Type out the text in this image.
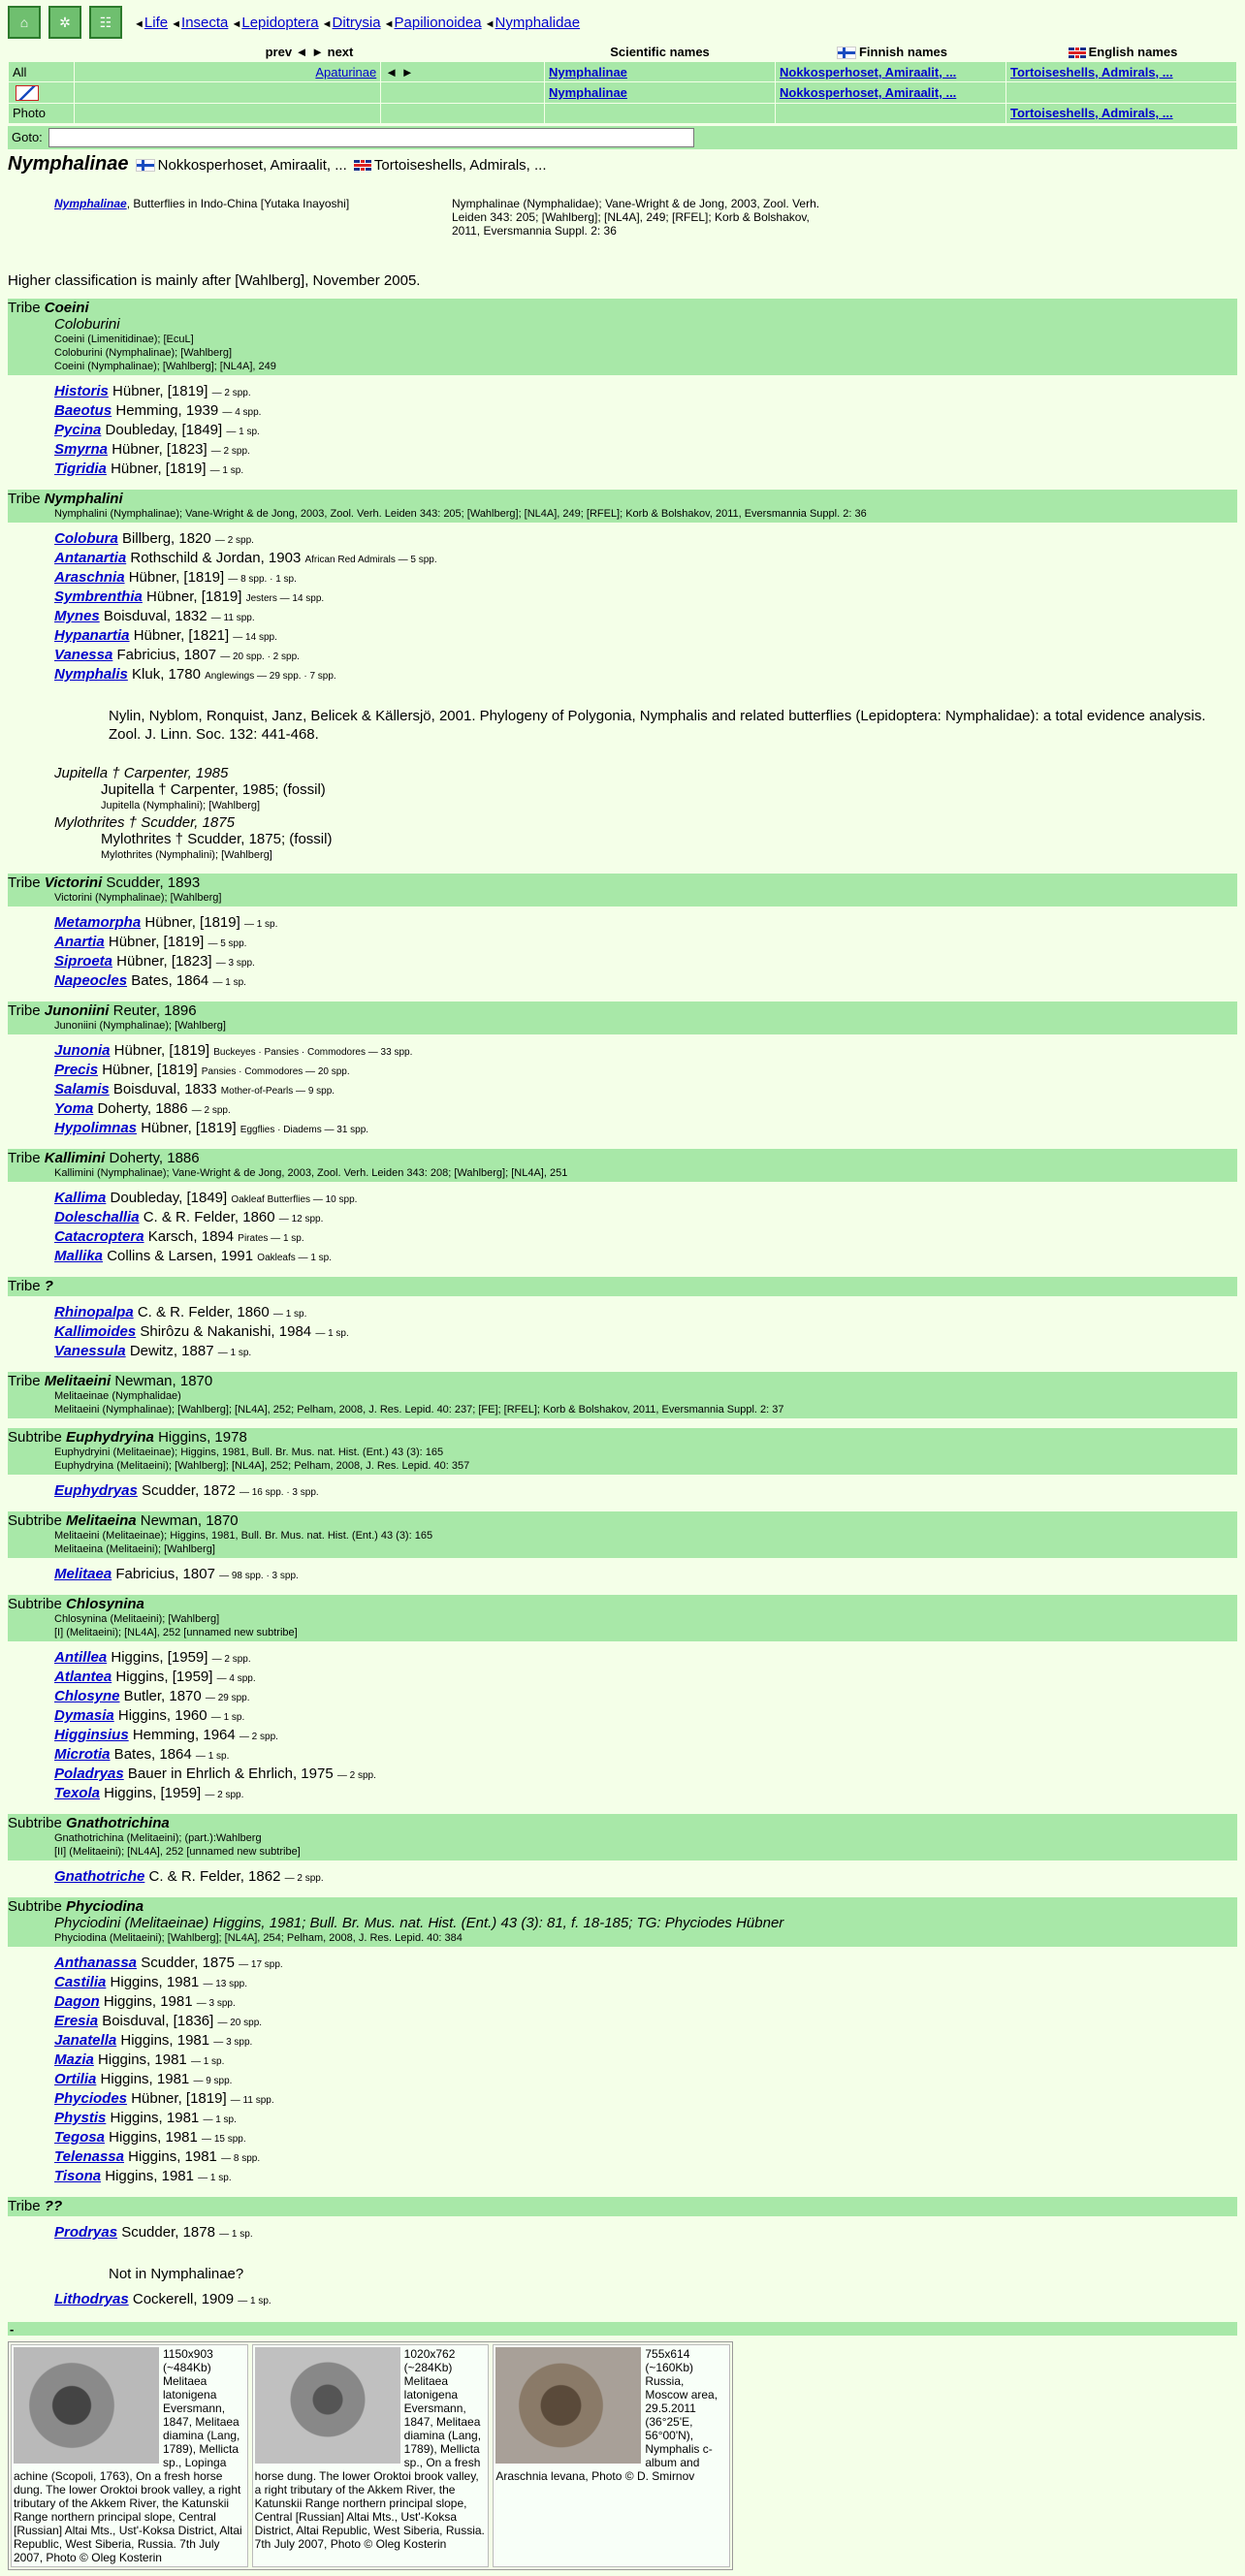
⌂	✲	☷	◄Life ◄Insecta ◄Lepidoptera ◄Ditrysia ◄Papilionoidea ◄Nymphalidae
	prev ◄ ► next		Scientific names	Finnish names	English names
All	Apaturinae	◄ ►	Nymphalinae	Nokkosperhoset, Amiraalit, ...	Tortoiseshells, Admirals, ...
			Nymphalinae	Nokkosperhoset, Amiraalit, ...	
Photo					Tortoiseshells, Admirals, ...
Goto:
Nymphalinae Nokkosperhoset, Amiraalit, ... Tortoiseshells, Admirals, ...
Nymphalinae, Butterflies in Indo-China [Yutaka Inayoshi]	Nymphalinae (Nymphalidae); Vane-Wright & de Jong, 2003, Zool. Verh. Leiden 343: 205; [Wahlberg]; [NL4A], 249; [RFEL]; Korb & Bolshakov, 2011, Eversmannia Suppl. 2: 36
Higher classification is mainly after [Wahlberg], November 2005.
Tribe Coeini
Coloburini
Coeini (Limenitidinae); [EcuL]
Coloburini (Nymphalinae); [Wahlberg]
Coeini (Nymphalinae); [Wahlberg]; [NL4A], 249
Historis Hübner, [1819] — 2 spp.
Baeotus Hemming, 1939 — 4 spp.
Pycina Doubleday, [1849] — 1 sp.
Smyrna Hübner, [1823] — 2 spp.
Tigridia Hübner, [1819] — 1 sp.
Tribe Nymphalini
Nymphalini (Nymphalinae); Vane-Wright & de Jong, 2003, Zool. Verh. Leiden 343: 205; [Wahlberg]; [NL4A], 249; [RFEL]; Korb & Bolshakov, 2011, Eversmannia Suppl. 2: 36
Colobura Billberg, 1820 — 2 spp.
Antanartia Rothschild & Jordan, 1903 African Red Admirals — 5 spp.
Araschnia Hübner, [1819] — 8 spp. · 1 sp.
Symbrenthia Hübner, [1819] Jesters — 14 spp.
Mynes Boisduval, 1832 — 11 spp.
Hypanartia Hübner, [1821] — 14 spp.
Vanessa Fabricius, 1807 — 20 spp. · 2 spp.
Nymphalis Kluk, 1780 Anglewings — 29 spp. · 7 spp.
Nylin, Nyblom, Ronquist, Janz, Belicek & Källersjö, 2001. Phylogeny of Polygonia, Nymphalis and related butterflies (Lepidoptera: Nymphalidae): a total evidence analysis. Zool. J. Linn. Soc. 132: 441-468.
Jupitella † Carpenter, 1985
Jupitella † Carpenter, 1985; (fossil)
Jupitella (Nymphalini); [Wahlberg]
Mylothrites † Scudder, 1875
Mylothrites † Scudder, 1875; (fossil)
Mylothrites (Nymphalini); [Wahlberg]
Tribe Victorini Scudder, 1893
Victorini (Nymphalinae); [Wahlberg]
Metamorpha Hübner, [1819] — 1 sp.
Anartia Hübner, [1819] — 5 spp.
Siproeta Hübner, [1823] — 3 spp.
Napeocles Bates, 1864 — 1 sp.
Tribe Junoniini Reuter, 1896
Junoniini (Nymphalinae); [Wahlberg]
Junonia Hübner, [1819] Buckeyes · Pansies · Commodores — 33 spp.
Precis Hübner, [1819] Pansies · Commodores — 20 spp.
Salamis Boisduval, 1833 Mother-of-Pearls — 9 spp.
Yoma Doherty, 1886 — 2 spp.
Hypolimnas Hübner, [1819] Eggflies · Diadems — 31 spp.
Tribe Kallimini Doherty, 1886
Kallimini (Nymphalinae); Vane-Wright & de Jong, 2003, Zool. Verh. Leiden 343: 208; [Wahlberg]; [NL4A], 251
Kallima Doubleday, [1849] Oakleaf Butterflies — 10 spp.
Doleschallia C. & R. Felder, 1860 — 12 spp.
Catacroptera Karsch, 1894 Pirates — 1 sp.
Mallika Collins & Larsen, 1991 Oakleafs — 1 sp.
Tribe ?
Rhinopalpa C. & R. Felder, 1860 — 1 sp.
Kallimoides Shirôzu & Nakanishi, 1984 — 1 sp.
Vanessula Dewitz, 1887 — 1 sp.
Tribe Melitaeini Newman, 1870
Melitaeinae (Nymphalidae)
Melitaeini (Nymphalinae); [Wahlberg]; [NL4A], 252; Pelham, 2008, J. Res. Lepid. 40: 237; [FE]; [RFEL]; Korb & Bolshakov, 2011, Eversmannia Suppl. 2: 37
Subtribe Euphydryina Higgins, 1978
Euphydryini (Melitaeinae); Higgins, 1981, Bull. Br. Mus. nat. Hist. (Ent.) 43 (3): 165
Euphydryina (Melitaeini); [Wahlberg]; [NL4A], 252; Pelham, 2008, J. Res. Lepid. 40: 357
Euphydryas Scudder, 1872 — 16 spp. · 3 spp.
Subtribe Melitaeina Newman, 1870
Melitaeini (Melitaeinae); Higgins, 1981, Bull. Br. Mus. nat. Hist. (Ent.) 43 (3): 165
Melitaeina (Melitaeini); [Wahlberg]
Melitaea Fabricius, 1807 — 98 spp. · 3 spp.
Subtribe Chlosynina
Chlosynina (Melitaeini); [Wahlberg]
[I] (Melitaeini); [NL4A], 252 [unnamed new subtribe]
Antillea Higgins, [1959] — 2 spp.
Atlantea Higgins, [1959] — 4 spp.
Chlosyne Butler, 1870 — 29 spp.
Dymasia Higgins, 1960 — 1 sp.
Higginsius Hemming, 1964 — 2 spp.
Microtia Bates, 1864 — 1 sp.
Poladryas Bauer in Ehrlich & Ehrlich, 1975 — 2 spp.
Texola Higgins, [1959] — 2 spp.
Subtribe Gnathotrichina
Gnathotrichina (Melitaeini); (part.):Wahlberg
[II] (Melitaeini); [NL4A], 252 [unnamed new subtribe]
Gnathotriche C. & R. Felder, 1862 — 2 spp.
Subtribe Phyciodina
Phyciodini (Melitaeinae) Higgins, 1981; Bull. Br. Mus. nat. Hist. (Ent.) 43 (3): 81, f. 18-185; TG: Phyciodes Hübner
Phyciodina (Melitaeini); [Wahlberg]; [NL4A], 254; Pelham, 2008, J. Res. Lepid. 40: 384
Anthanassa Scudder, 1875 — 17 spp.
Castilia Higgins, 1981 — 13 spp.
Dagon Higgins, 1981 — 3 spp.
Eresia Boisduval, [1836] — 20 spp.
Janatella Higgins, 1981 — 3 spp.
Mazia Higgins, 1981 — 1 sp.
Ortilia Higgins, 1981 — 9 spp.
Phyciodes Hübner, [1819] — 11 spp.
Phystis Higgins, 1981 — 1 sp.
Tegosa Higgins, 1981 — 15 spp.
Telenassa Higgins, 1981 — 8 spp.
Tisona Higgins, 1981 — 1 sp.
Tribe ??
Prodryas Scudder, 1878 — 1 sp.
Not in Nymphalinae?
Lithodryas Cockerell, 1909 — 1 sp.
-
1150x903 (~484Kb)
Melitaea latonigena Eversmann, 1847, Melitaea diamina (Lang, 1789), Mellicta sp., Lopinga achine (Scopoli, 1763), On a fresh horse dung. The lower Oroktoi brook valley, a right tributary of the Akkem River, the Katunskii Range northern principal slope, Central [Russian] Altai Mts., Ust'-Koksa District, Altai Republic, West Siberia, Russia. 7th July 2007, Photo © Oleg Kosterin
1020x762 (~284Kb)
Melitaea latonigena Eversmann, 1847, Melitaea diamina (Lang, 1789), Mellicta sp., On a fresh horse dung. The lower Oroktoi brook valley, a right tributary of the Akkem River, the Katunskii Range northern principal slope, Central [Russian] Altai Mts., Ust'-Koksa District, Altai Republic, West Siberia, Russia. 7th July 2007, Photo © Oleg Kosterin
755x614 (~160Kb)
Russia, Moscow area, 29.5.2011 (36°25'E, 56°00'N), Nymphalis c-album and Araschnia levana, Photo © D. Smirnov
